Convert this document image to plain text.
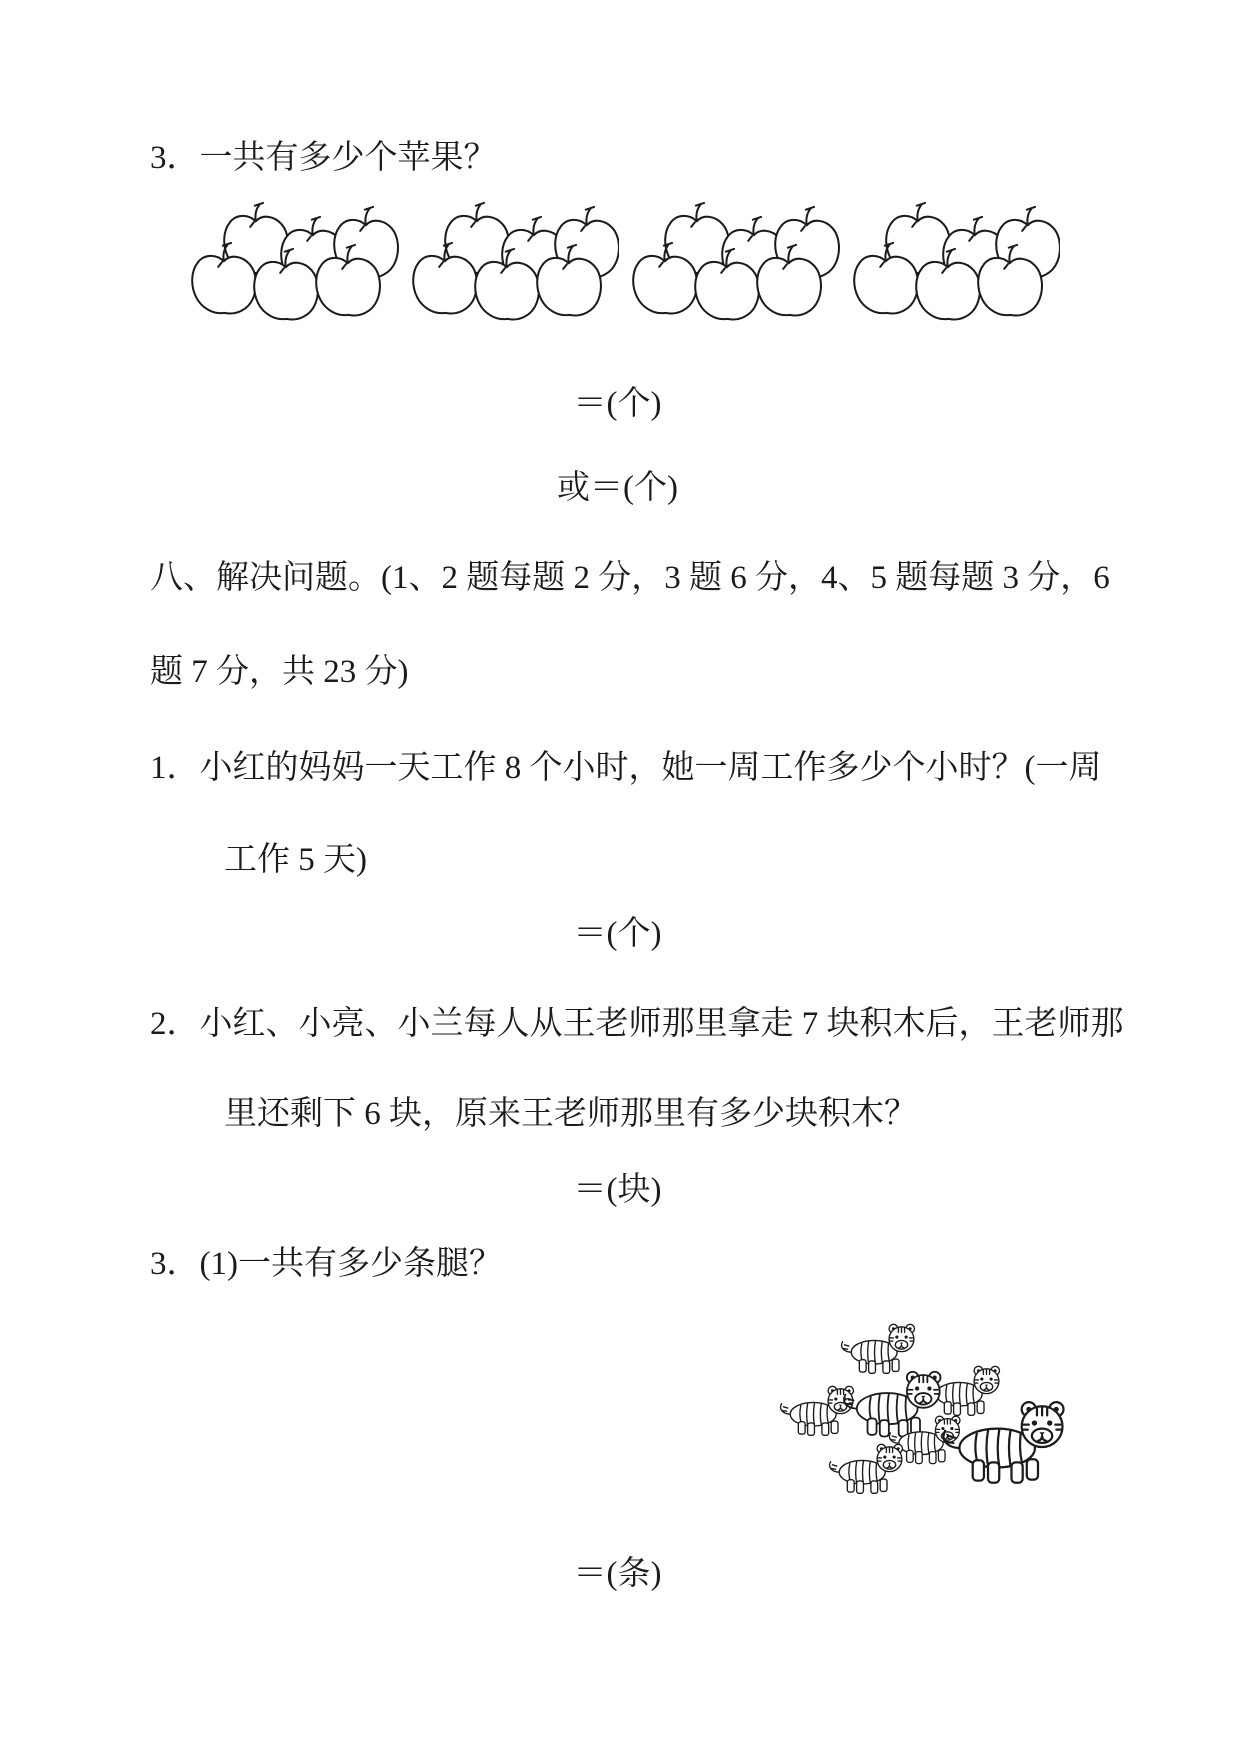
3．一共有多少个苹果？
＝(个)
或＝(个)
八、解决问题。(1、2 题每题 2 分，3 题 6 分，4、5 题每题 3 分，6
题 7 分，共 23 分)
1．小红的妈妈一天工作 8 个小时，她一周工作多少个小时？(一周
工作 5 天)
＝(个)
2．小红、小亮、小兰每人从王老师那里拿走 7 块积木后，王老师那
里还剩下 6 块，原来王老师那里有多少块积木？
＝(块)
3．(1)一共有多少条腿？
＝(条)
